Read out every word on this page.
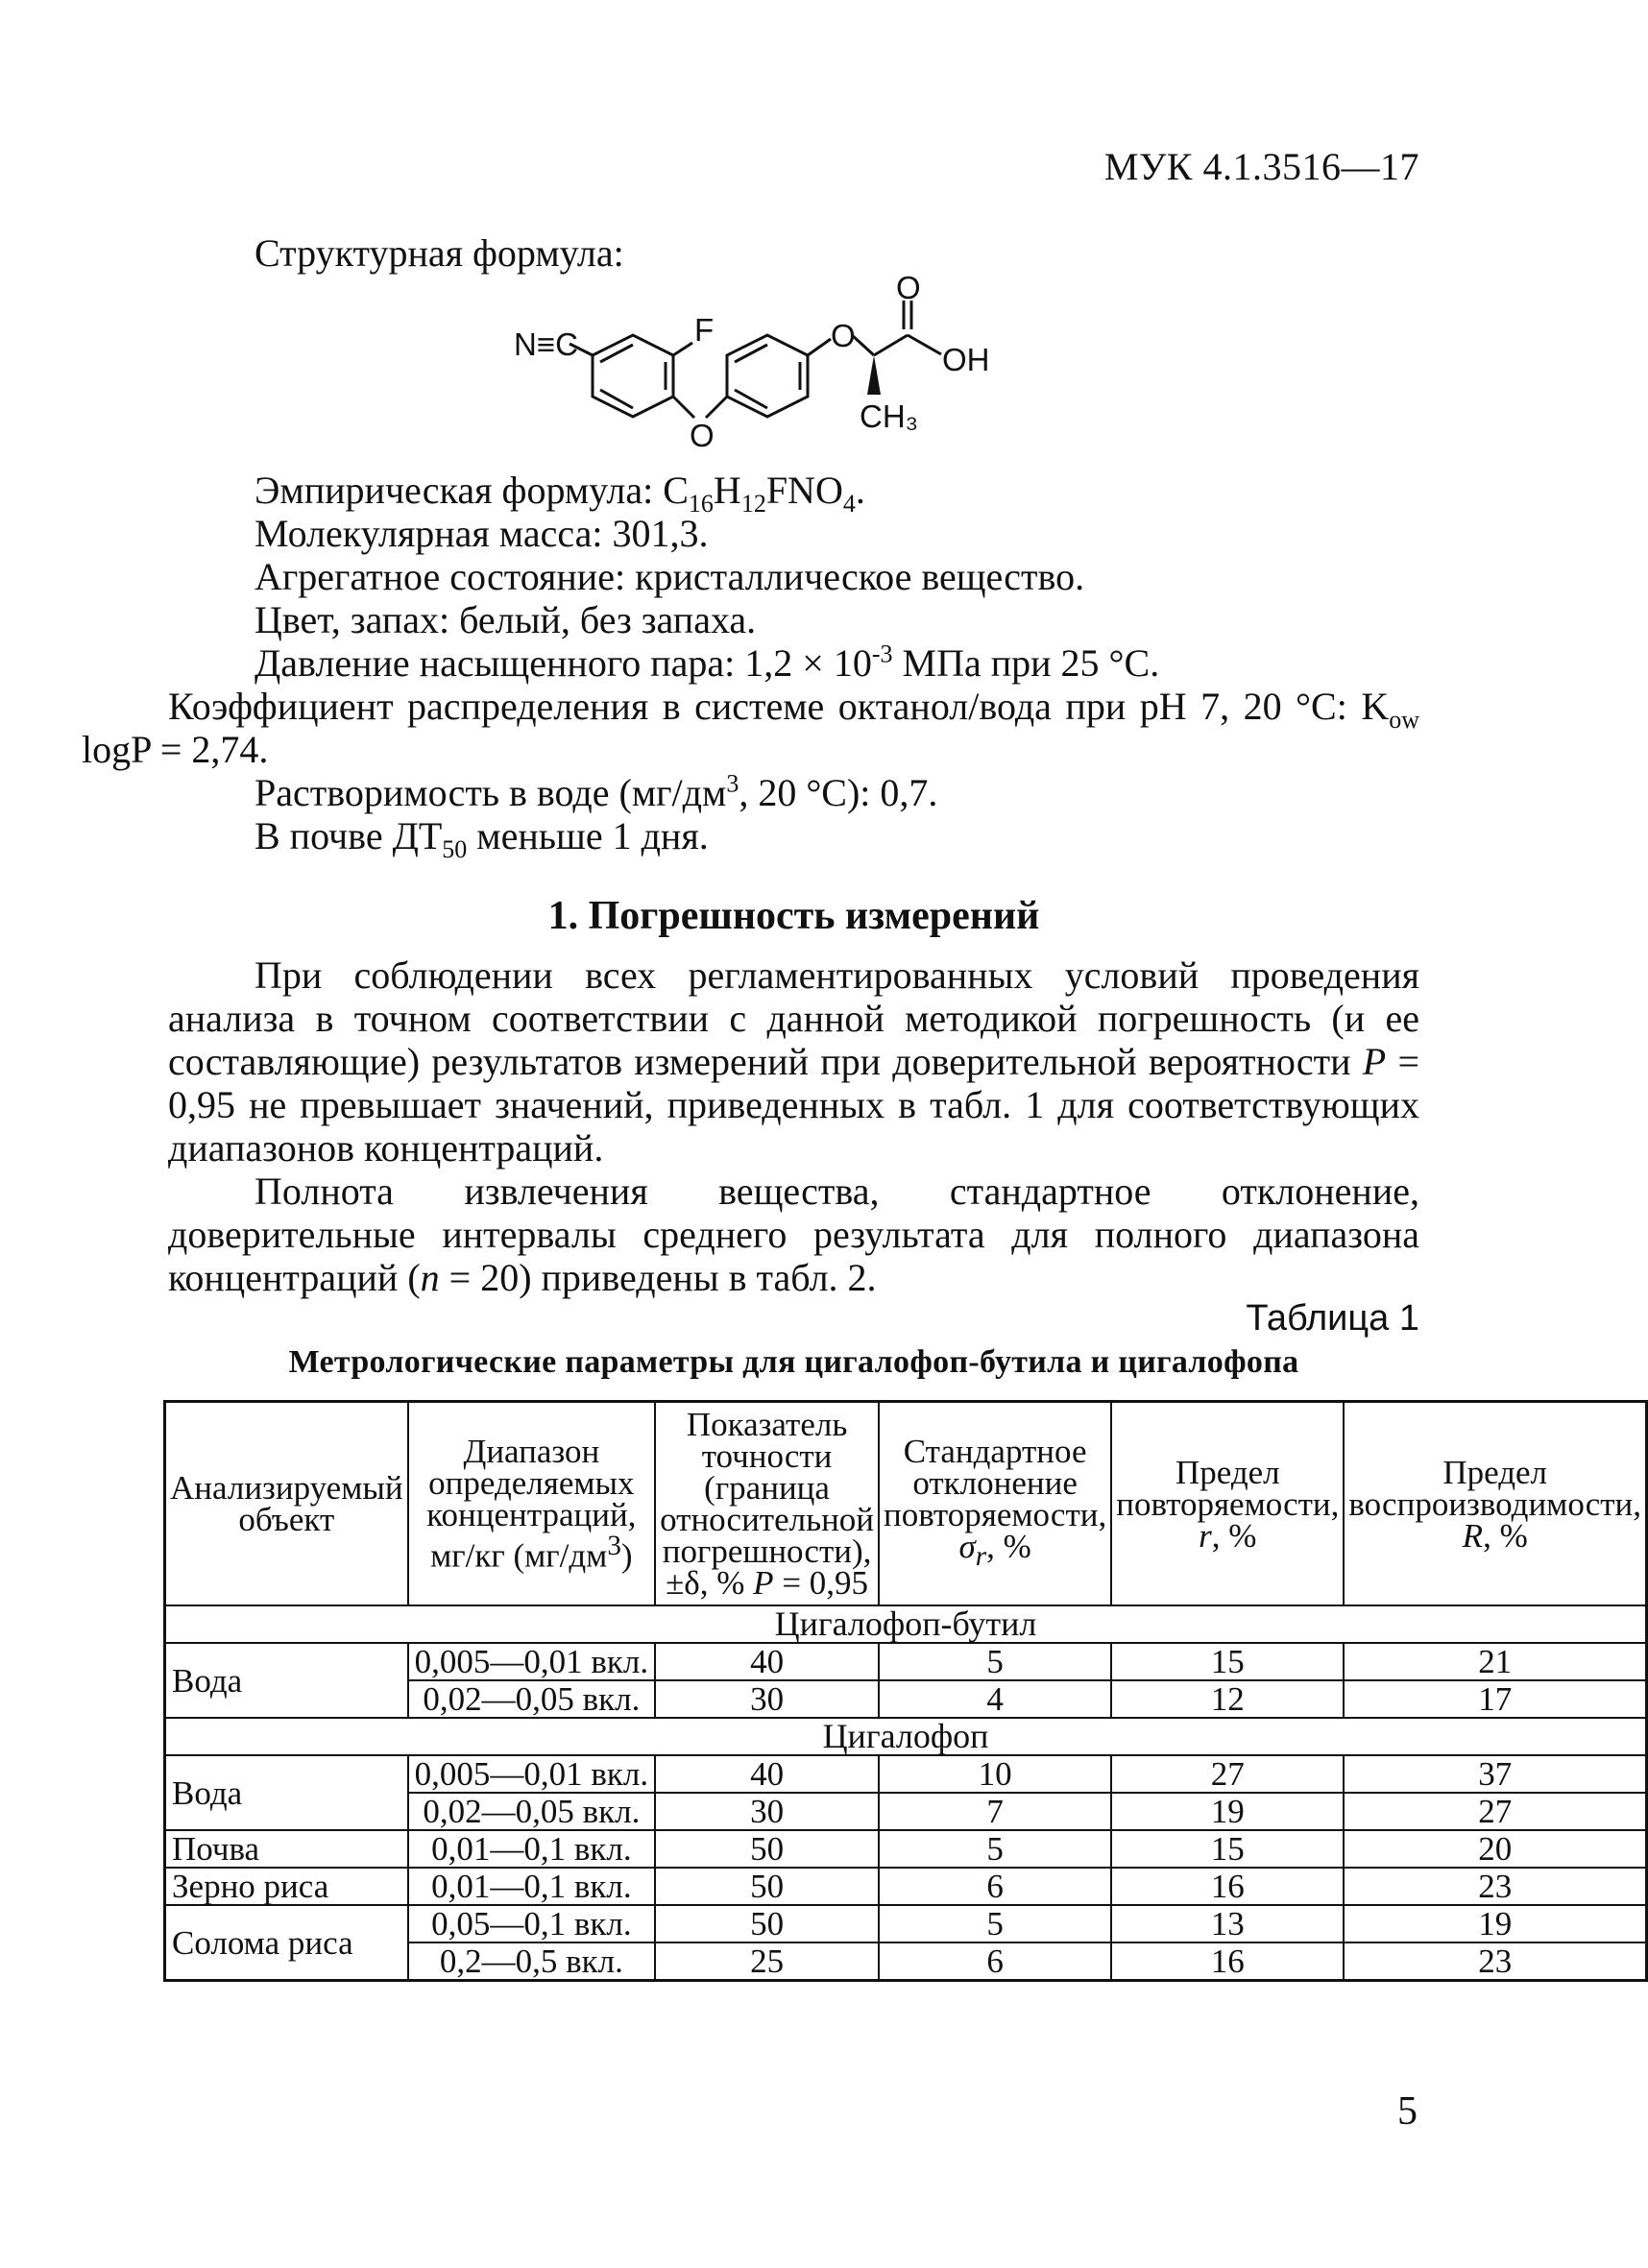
МУК 4.1.3516—17
Структурная формула:
N≡C	F
O
O
O
OH
CH₃

Эмпирическая формула: $C_{16}H_{12}FNO_4$.

Молекулярная масса: 301,3.

Агрегатное состояние: кристаллическое вещество.

Цвет, запах: белый, без запаха.

Давление насыщенного пара: $1,2 \times 10^{-3}$ МПа при 25 °C.

Коэффициент распределения в системе октанол/вода при pH 7, 20 °C: $K_{ow}$ logP = 2,74.

Растворимость в воде ($мг/дм^3$, 20 °C): 0,7.

В почве $ДТ_{50}$ меньше 1 дня.

1. Погрешность измерений

При соблюдении всех регламентированных условий проведения анализа в точном соответствии с данной методикой погрешность (и ее составляющие) результатов измерений при доверительной вероятности P = 0,95 не превышает значений, приведенных в табл. 1 для соответствующих диапазонов концентраций.

Полнота извлечения вещества, стандартное отклонение, доверительные интервалы среднего результата для полного диапазона концентраций (n = 20) приведены в табл. 2.

Таблица 1
Метрологические параметры для цигалофоп-бутила и цигалофопа
Анализируемый объект	Диапазон определяемых концентраций, мг/кг $(мг/дм^3)$	Показатель точности (границa относительной погрешности), ±δ, % P = 0,95	Стандартное отклонение повторяемости, $\sigma_r$, %	Предел повторяемости, r, %	Предел воспроизводимости, R, %
Цигалофоп-бутил					
Вода	0,005—0,01 вкл.	40	5	15	21
	0,02—0,05 вкл.	30	4	12	17
Цигалофоп					
Вода	0,005—0,01 вкл.	40	10	27	37
	0,02—0,05 вкл.	30	7	19	27
Почва	0,01—0,1 вкл.	50	5	15	20
Зерно риса	0,01—0,1 вкл.	50	6	16	23
Солома риса	0,05—0,1 вкл.	50	5	13	19
	0,2—0,5 вкл.	25	6	16	23
5
